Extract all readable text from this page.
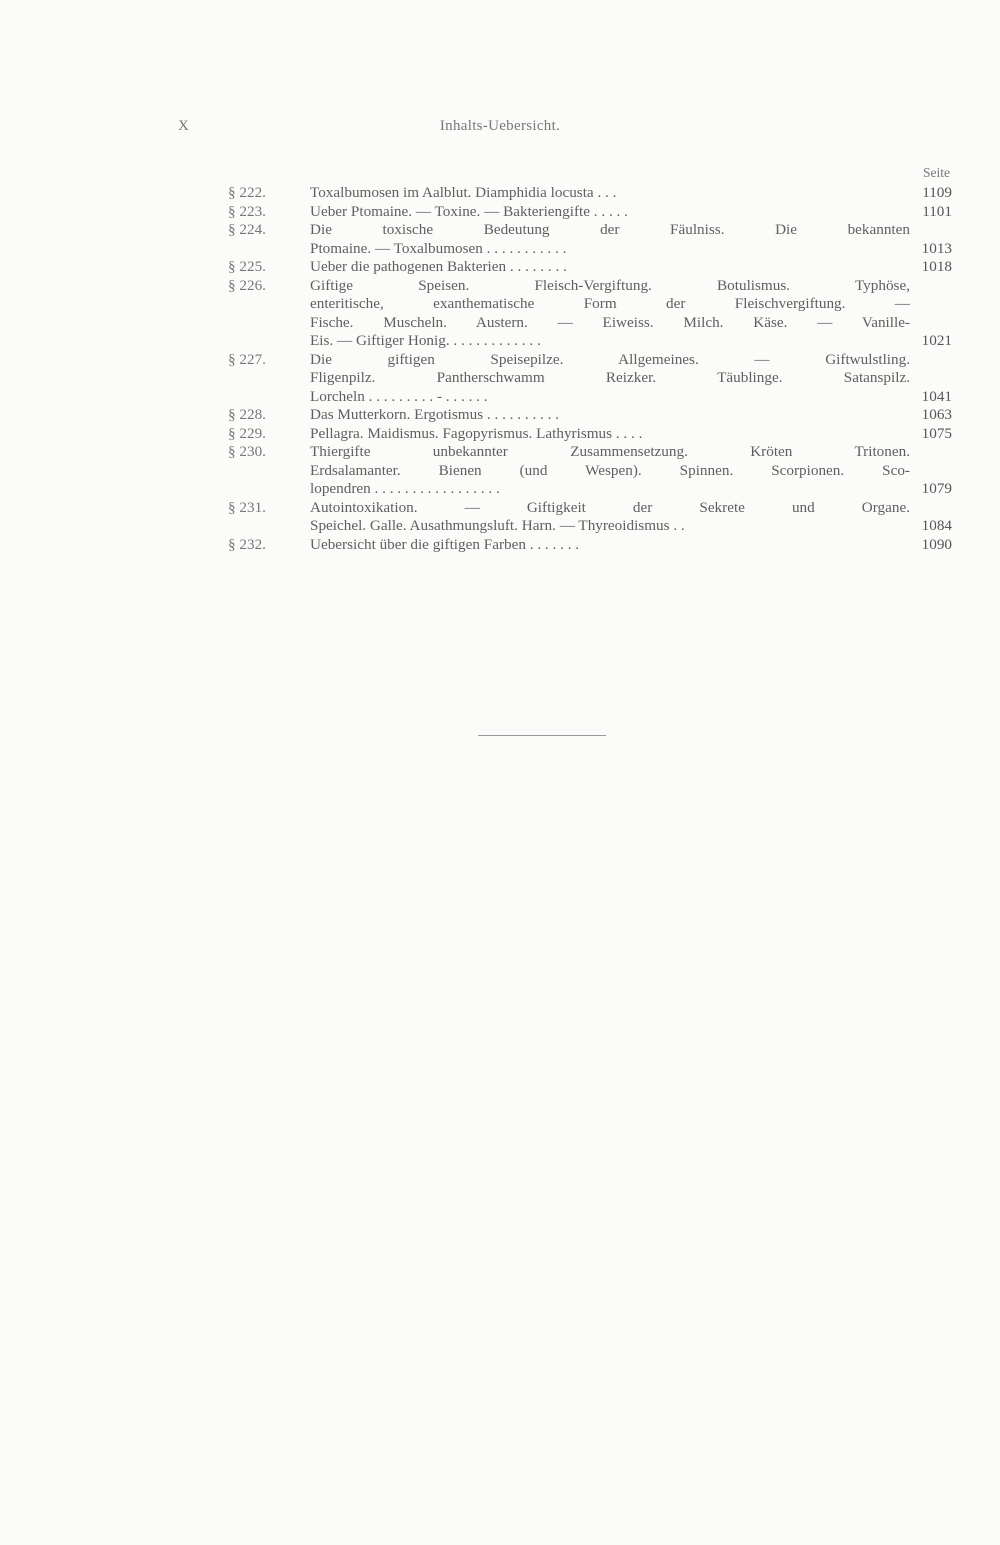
X	Inhalts-Uebersicht.
Seite
§ 222.	Toxalbumosen im Aalblut. Diamphidia locusta . . .	1109
§ 223.	Ueber Ptomaine. — Toxine. — Bakteriengifte . . . . .	1101
§ 224.	Die toxische Bedeutung der Fäulniss. Die bekannten
Ptomaine. — Toxalbumosen . . . . . . . . . . .	1013
§ 225.	Ueber die pathogenen Bakterien . . . . . . . .	1018
§ 226.	Giftige Speisen. Fleisch-Vergiftung. Botulismus. Typhöse,
enteritische, exanthematische Form der Fleischvergiftung. —
Fische. Muscheln. Austern. — Eiweiss. Milch. Käse. — Vanille-
Eis. — Giftiger Honig. . . . . . . . . . . . .	1021
§ 227.	Die giftigen Speisepilze. Allgemeines. — Giftwulstling.
Fligenpilz. Pantherschwamm Reizker. Täublinge. Satanspilz.
Lorcheln . . . . . . . . . - . . . . . .	1041
§ 228.	Das Mutterkorn. Ergotismus . . . . . . . . . .	1063
§ 229.	Pellagra. Maidismus. Fagopyrismus. Lathyrismus . . . .	1075
§ 230.	Thiergifte unbekannter Zusammensetzung. Kröten Tritonen.
Erdsalamanter. Bienen (und Wespen). Spinnen. Scorpionen. Sco-
lopendren . . . . . . . . . . . . . . . . .	1079
§ 231.	Autointoxikation. — Giftigkeit der Sekrete und Organe.
Speichel. Galle. Ausathmungsluft. Harn. — Thyreoidismus . .	1084
§ 232.	Uebersicht über die giftigen Farben . . . . . . .	1090
